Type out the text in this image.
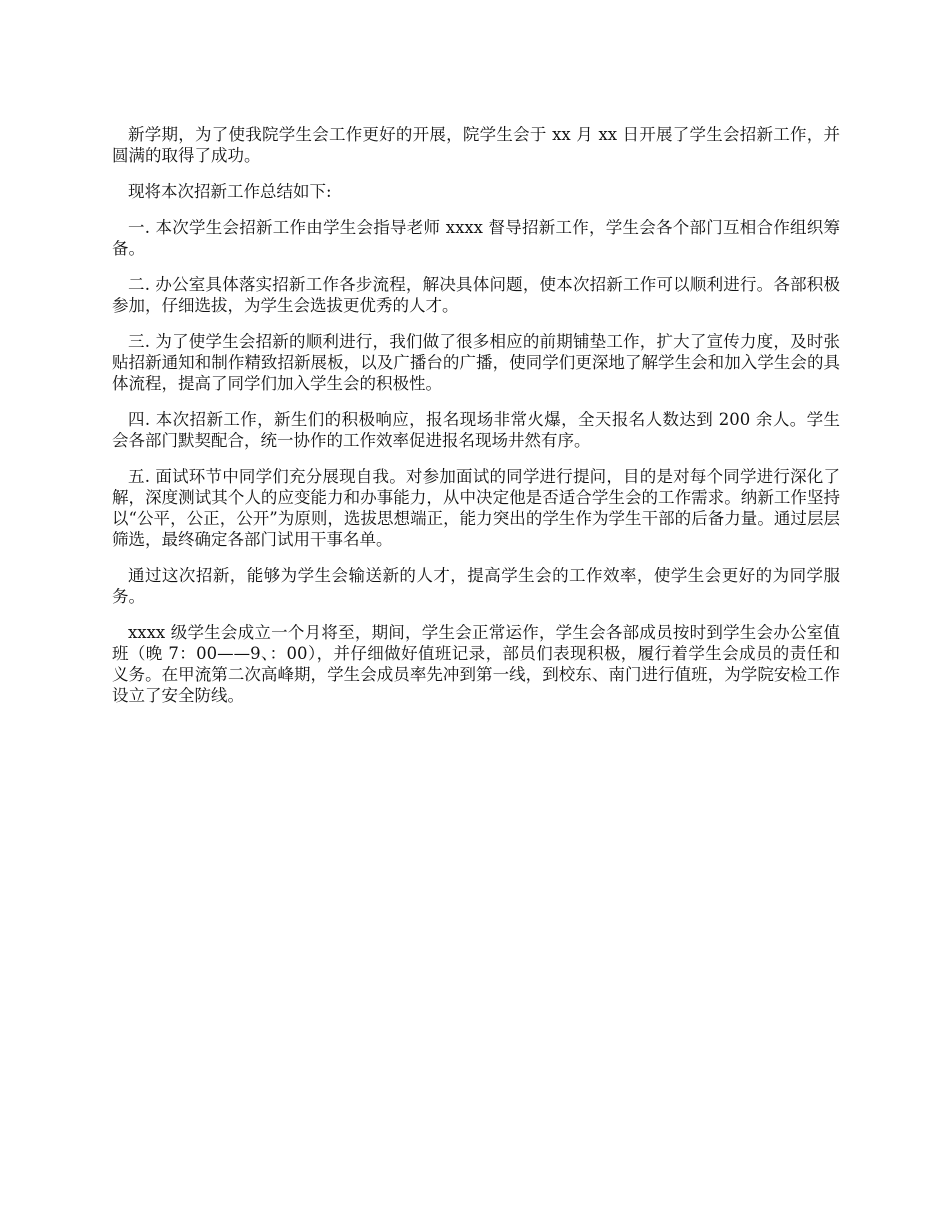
新学期，为了使我院学生会工作更好的开展，院学生会于 xx 月 xx 日开展了学生会招新工作，并圆满的取得了成功。

现将本次招新工作总结如下:

一. 本次学生会招新工作由学生会指导老师 xxxx 督导招新工作，学生会各个部门互相合作组织筹备。

二. 办公室具体落实招新工作各步流程，解决具体问题，使本次招新工作可以顺利进行。各部积极参加，仔细选拔，为学生会选拔更优秀的人才。

三. 为了使学生会招新的顺利进行，我们做了很多相应的前期铺垫工作，扩大了宣传力度，及时张贴招新通知和制作精致招新展板，以及广播台的广播，使同学们更深地了解学生会和加入学生会的具体流程，提高了同学们加入学生会的积极性。

四. 本次招新工作，新生们的积极响应，报名现场非常火爆，全天报名人数达到 200 余人。学生会各部门默契配合，统一协作的工作效率促进报名现场井然有序。

五. 面试环节中同学们充分展现自我。对参加面试的同学进行提问，目的是对每个同学进行深化了解，深度测试其个人的应变能力和办事能力，从中决定他是否适合学生会的工作需求。纳新工作坚持以“公平，公正，公开”为原则，选拔思想端正，能力突出的学生作为学生干部的后备力量。通过层层筛选，最终确定各部门试用干事名单。

通过这次招新，能够为学生会输送新的人才，提高学生会的工作效率，使学生会更好的为同学服务。

xxxx 级学生会成立一个月将至，期间，学生会正常运作，学生会各部成员按时到学生会办公室值班（晚 7：00——9、：00），并仔细做好值班记录，部员们表现积极，履行着学生会成员的责任和义务。在甲流第二次高峰期，学生会成员率先冲到第一线，到校东、南门进行值班，为学院安检工作设立了安全防线。
